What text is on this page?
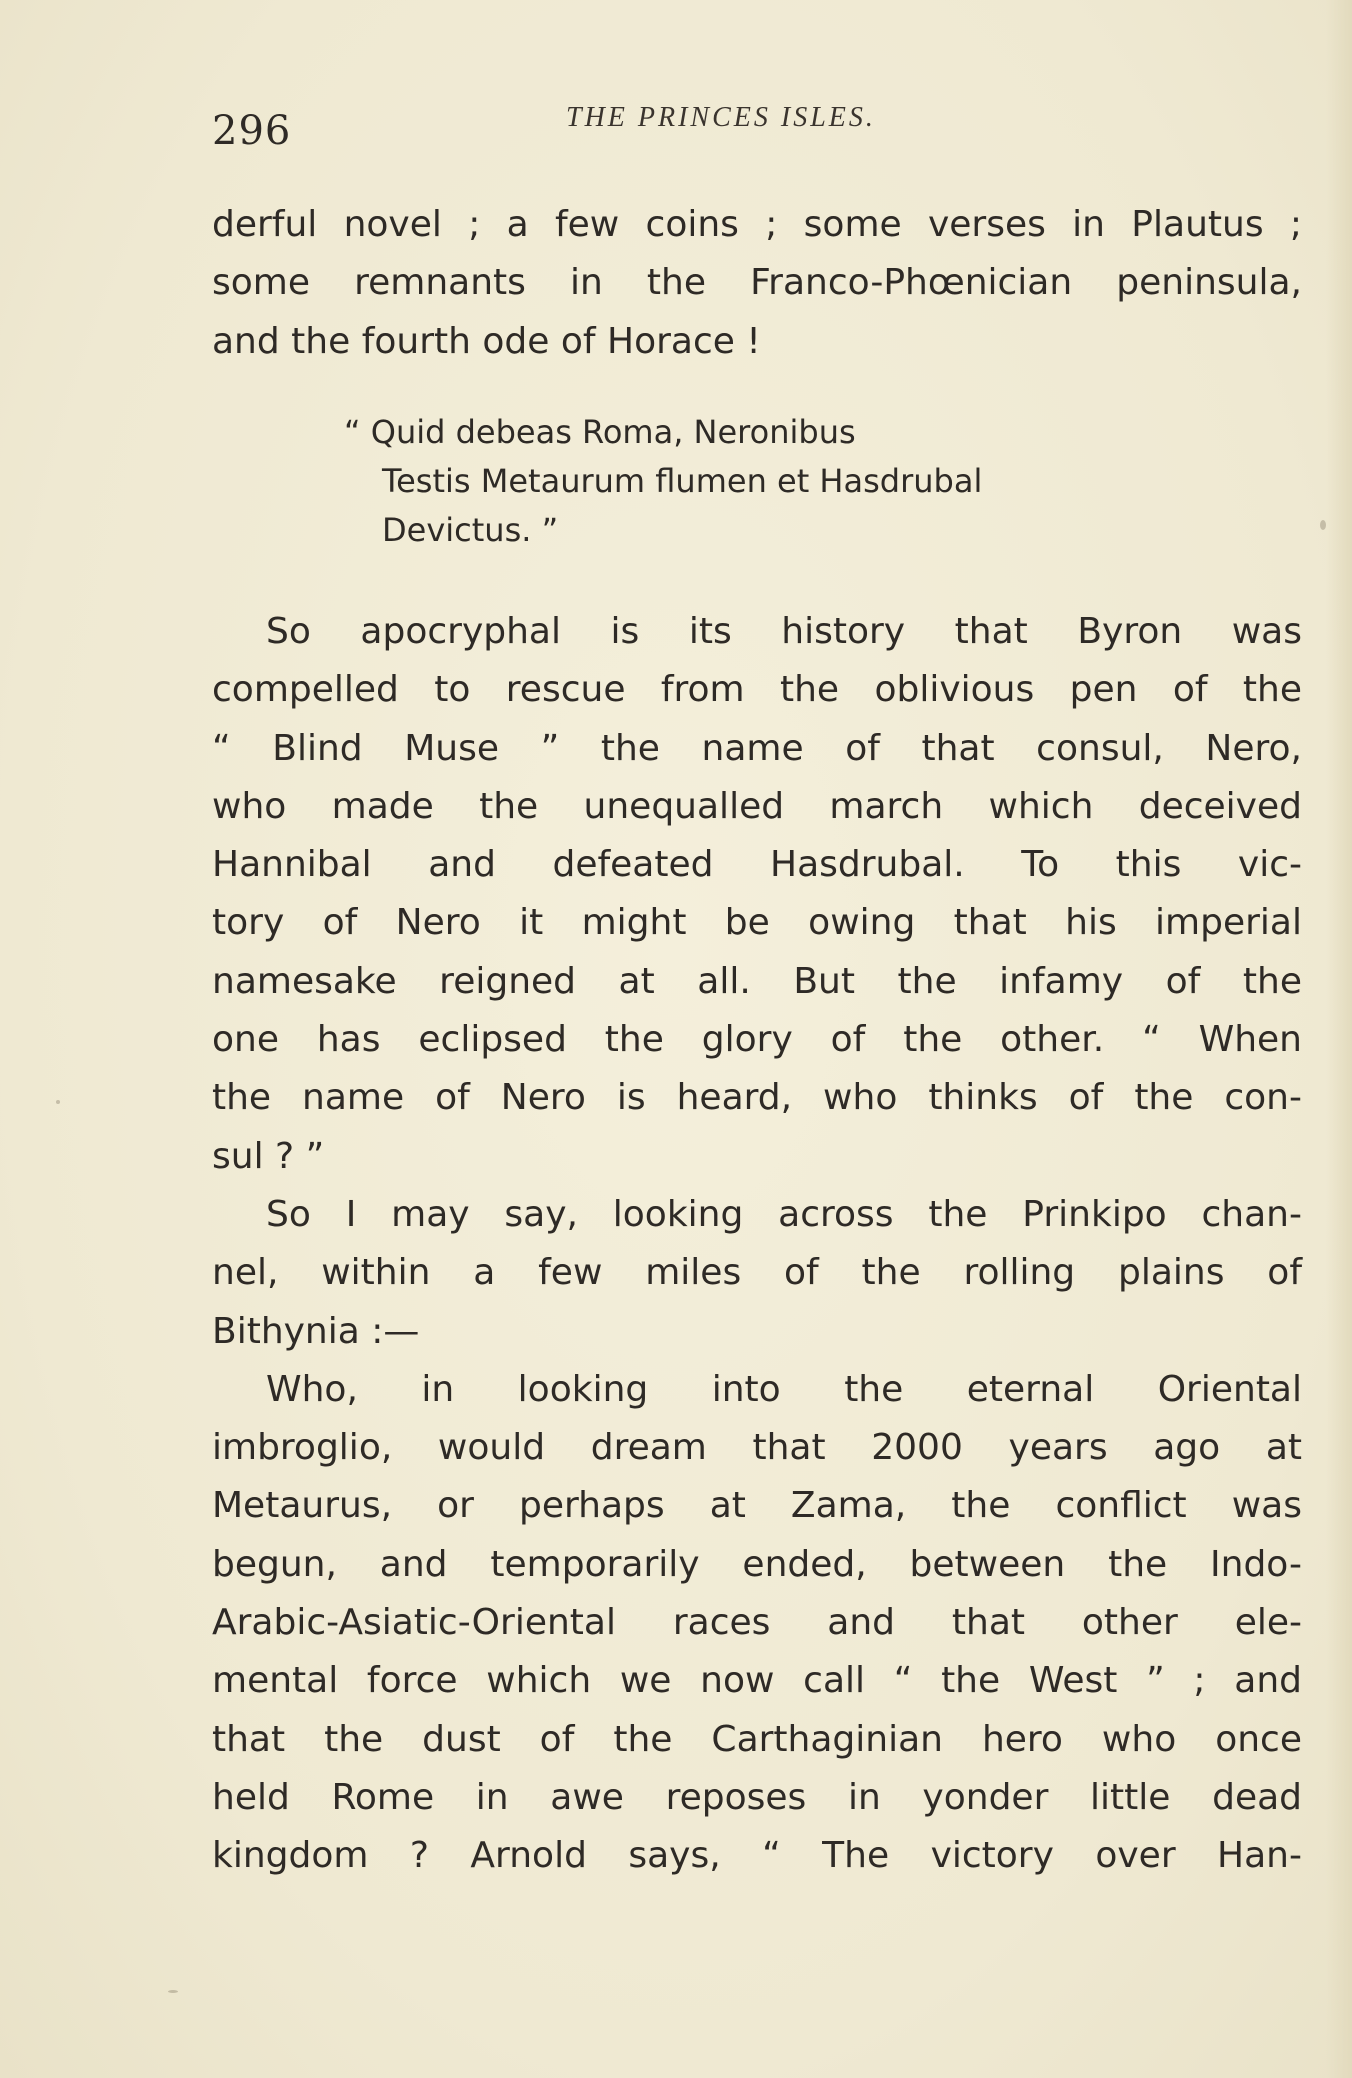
296	THE PRINCES ISLES.
derful novel ; a few coins ; some verses in Plautus ;
some remnants in the Franco-Phœnician peninsula,
and the fourth ode of Horace !
“ Quid debeas Roma, Neronibus
Testis Metaurum flumen et Hasdrubal
Devictus. ”
So apocryphal is its history that Byron was
compelled to rescue from the oblivious pen of the
“ Blind Muse ” the name of that consul, Nero,
who made the unequalled march which deceived
Hannibal and defeated Hasdrubal. To this vic-
tory of Nero it might be owing that his imperial
namesake reigned at all. But the infamy of the
one has eclipsed the glory of the other. “ When
the name of Nero is heard, who thinks of the con-
sul ? ”
So I may say, looking across the Prinkipo chan-
nel, within a few miles of the rolling plains of
Bithynia :—
Who, in looking into the eternal Oriental
imbroglio, would dream that 2000 years ago at
Metaurus, or perhaps at Zama, the conflict was
begun, and temporarily ended, between the Indo-
Arabic-Asiatic-Oriental races and that other ele-
mental force which we now call “ the West ” ; and
that the dust of the Carthaginian hero who once
held Rome in awe reposes in yonder little dead
kingdom ? Arnold says, “ The victory over Han-
